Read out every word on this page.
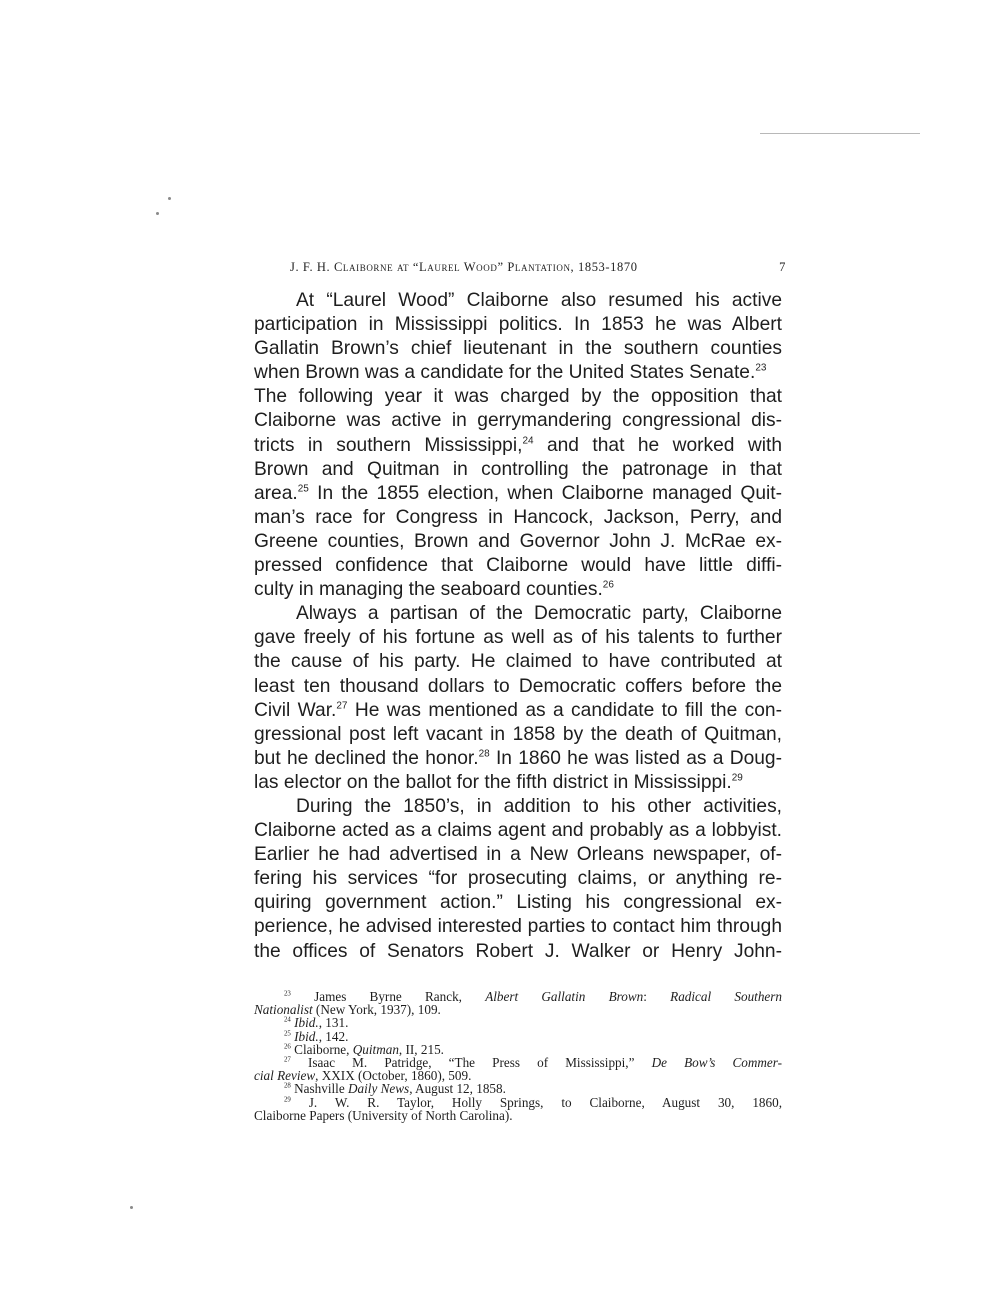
J. F. H. Claiborne at “Laurel Wood” Plantation, 1853-1870	7
At “Laurel Wood” Claiborne also resumed his active
participation in Mississippi politics. In 1853 he was Albert
Gallatin Brown’s chief lieutenant in the southern counties
when Brown was a candidate for the United States Senate.$^{23}$
The following year it was charged by the opposition that
Claiborne was active in gerrymandering congressional dis-
tricts in southern Mississippi,$^{24}$ and that he worked with
Brown and Quitman in controlling the patronage in that
area.$^{25}$ In the 1855 election, when Claiborne managed Quit-
man’s race for Congress in Hancock, Jackson, Perry, and
Greene counties, Brown and Governor John J. McRae ex-
pressed confidence that Claiborne would have little diffi-
culty in managing the seaboard counties.$^{26}$
Always a partisan of the Democratic party, Claiborne
gave freely of his fortune as well as of his talents to further
the cause of his party. He claimed to have contributed at
least ten thousand dollars to Democratic coffers before the
Civil War.$^{27}$ He was mentioned as a candidate to fill the con-
gressional post left vacant in 1858 by the death of Quitman,
but he declined the honor.$^{28}$ In 1860 he was listed as a Doug-
las elector on the ballot for the fifth district in Mississippi.$^{29}$
During the 1850’s, in addition to his other activities,
Claiborne acted as a claims agent and probably as a lobbyist.
Earlier he had advertised in a New Orleans newspaper, of-
fering his services “for prosecuting claims, or anything re-
quiring government action.” Listing his congressional ex-
perience, he advised interested parties to contact him through
the offices of Senators Robert J. Walker or Henry John-
$^{23}$ James Byrne Ranck, Albert Gallatin Brown: Radical Southern
Nationalist (New York, 1937), 109.
$^{24}$ Ibid., 131.
$^{25}$ Ibid., 142.
$^{26}$ Claiborne, Quitman, II, 215.
$^{27}$ Isaac M. Patridge, “The Press of Mississippi,” De Bow’s Commer-
cial Review, XXIX (October, 1860), 509.
$^{28}$ Nashville Daily News, August 12, 1858.
$^{29}$ J. W. R. Taylor, Holly Springs, to Claiborne, August 30, 1860,
Claiborne Papers (University of North Carolina).
